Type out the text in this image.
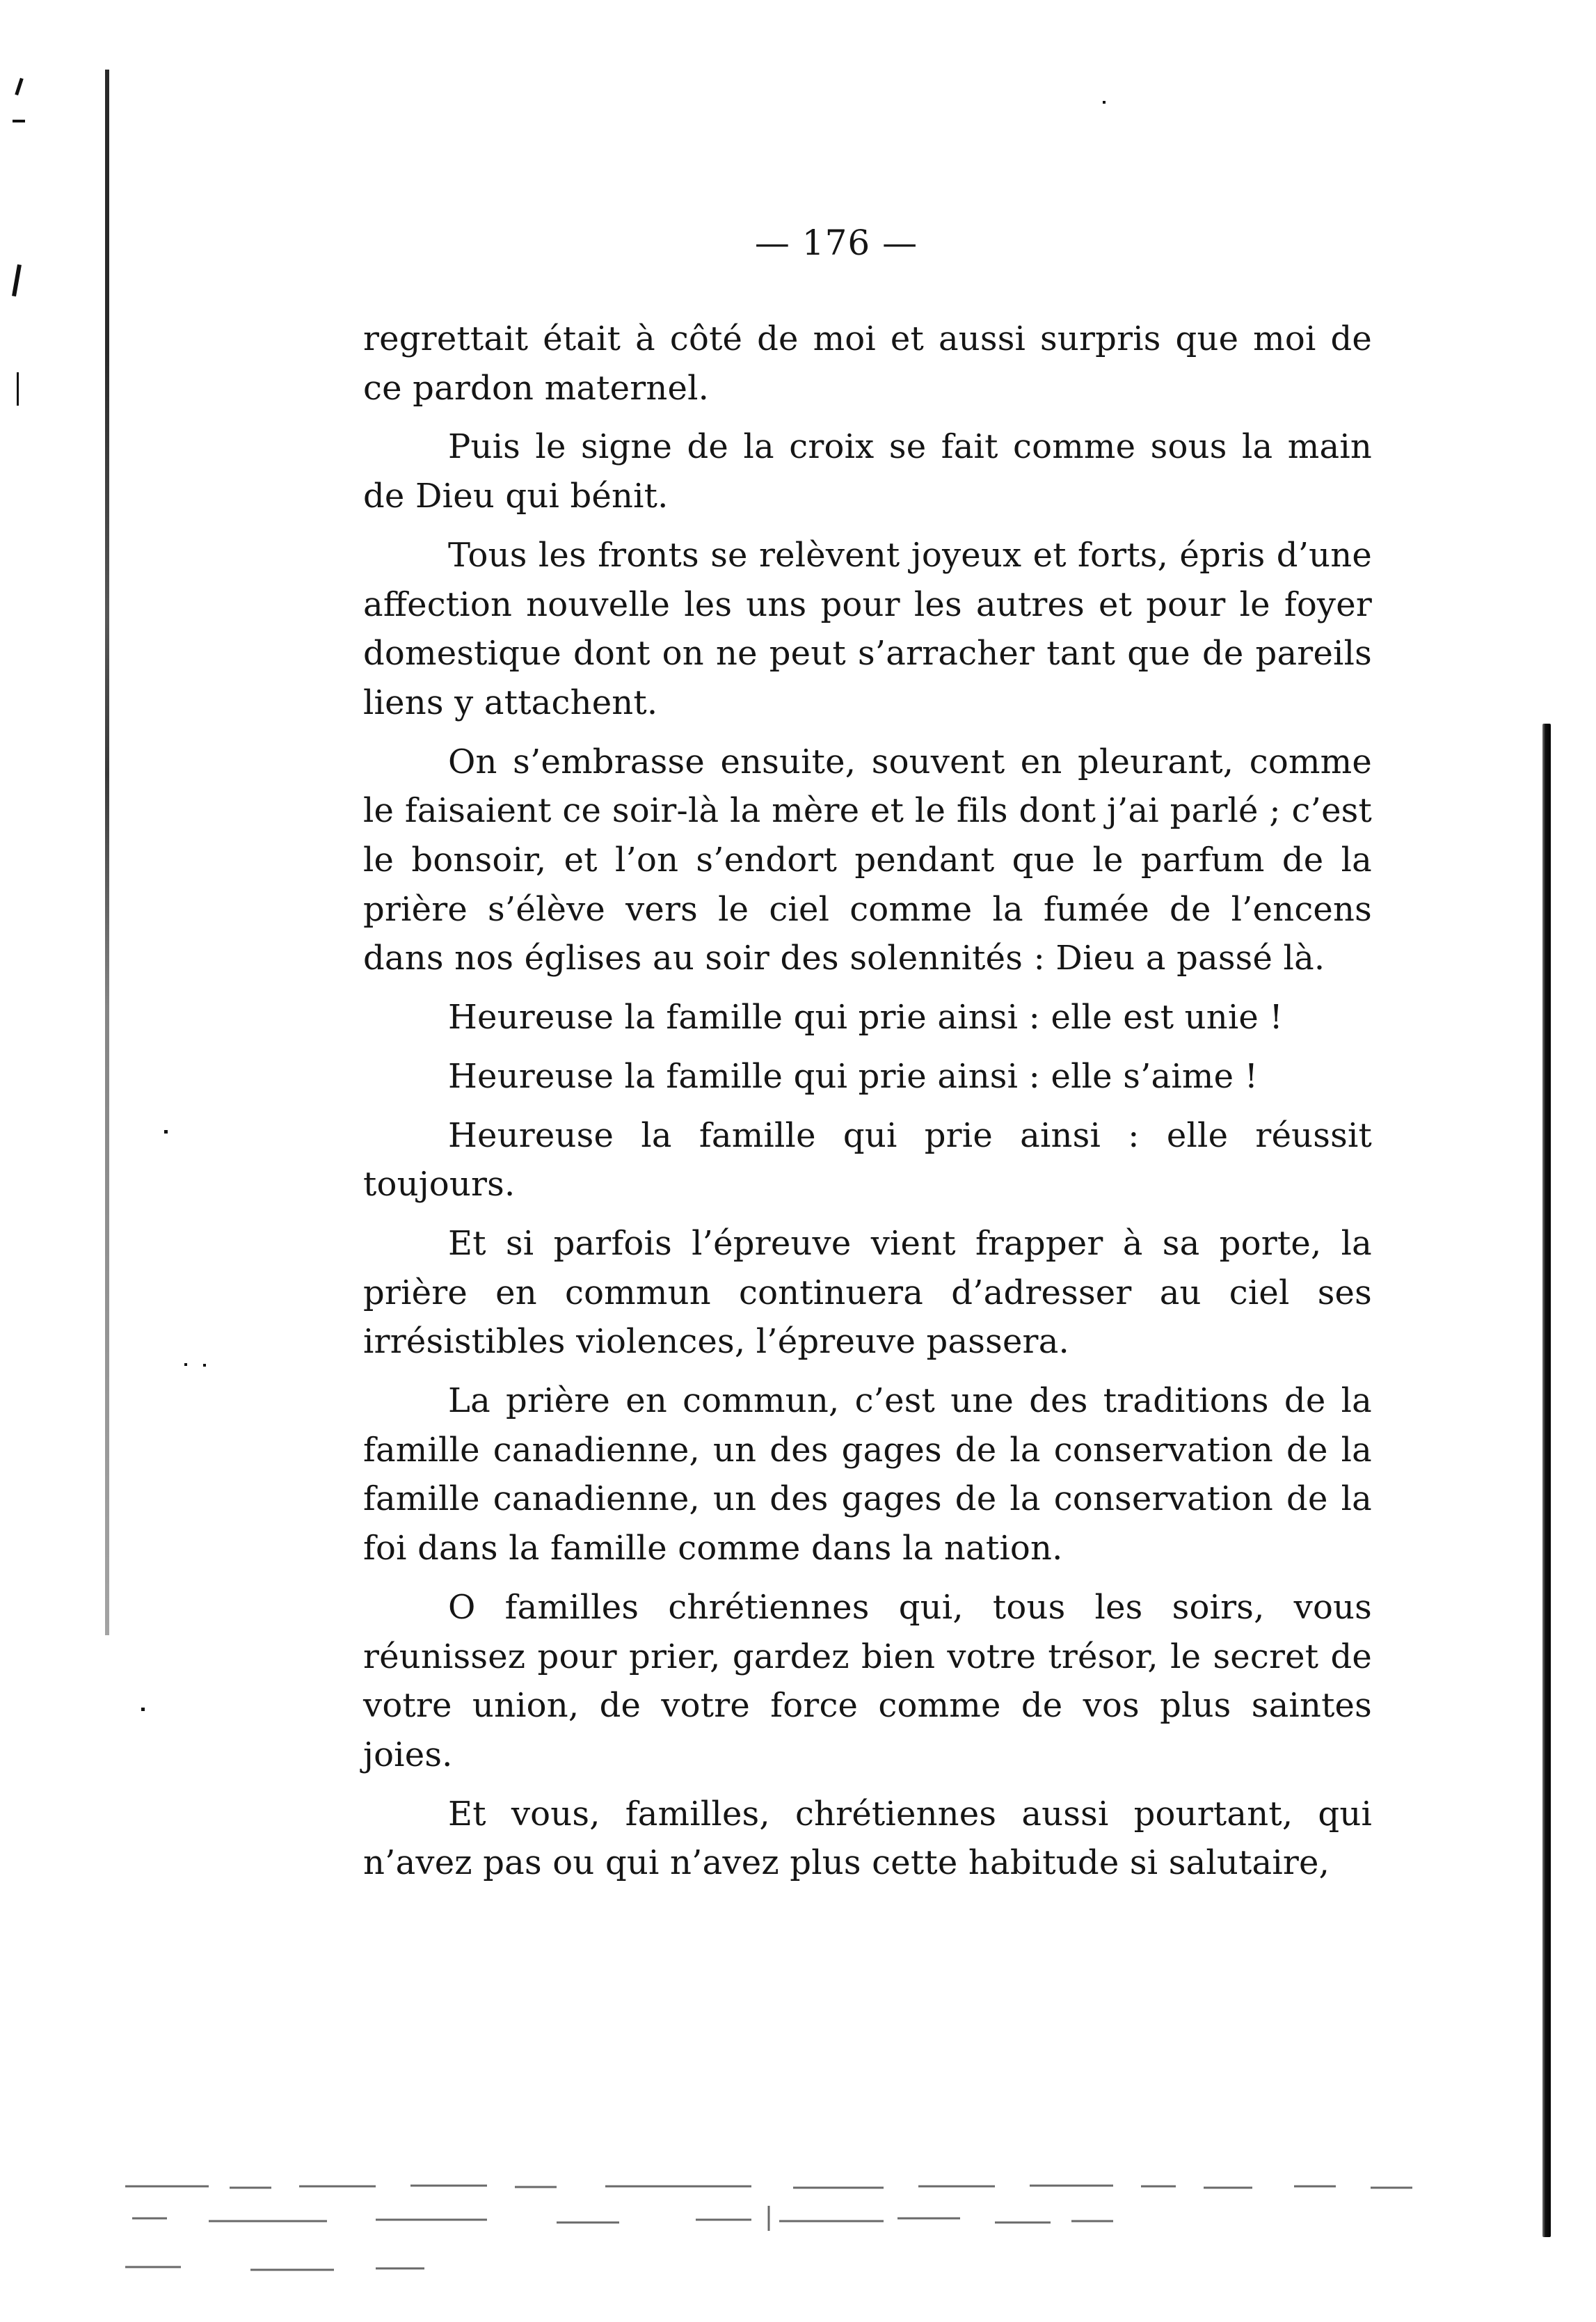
— 176 —

regrettait était à côté de moi et aussi surpris que moi de ce pardon maternel.

Puis le signe de la croix se fait comme sous la main de Dieu qui bénit.

Tous les fronts se relèvent joyeux et forts, épris d’une aﬀection nouvelle les uns pour les autres et pour le foyer domestique dont on ne peut s’arracher tant que de pareils liens y attachent.

On s’embrasse ensuite, souvent en pleurant, comme le faisaient ce soir-là la mère et le fils dont j’ai parlé ; c’est le bonsoir, et l’on s’endort pendant que le parfum de la prière s’élève vers le ciel comme la fumée de l’encens dans nos églises au soir des solennités : Dieu a passé là.

Heureuse la famille qui prie ainsi : elle est unie !

Heureuse la famille qui prie ainsi : elle s’aime !

Heureuse la famille qui prie ainsi : elle réussit toujours.

Et si parfois l’épreuve vient frapper à sa porte, la prière en commun continuera d’adresser au ciel ses irrésistibles violences, l’épreuve passera.

La prière en commun, c’est une des traditions de la famille canadienne, un des gages de la conservation de la famille canadienne, un des gages de la conservation de la foi dans la famille comme dans la nation.

O familles chrétiennes qui, tous les soirs, vous réunissez pour prier, gardez bien votre trésor, le secret de votre union, de votre force comme de vos plus saintes joies.

Et vous, familles, chrétiennes aussi pourtant, qui n’avez pas ou qui n’avez plus cette habitude si salutaire,
